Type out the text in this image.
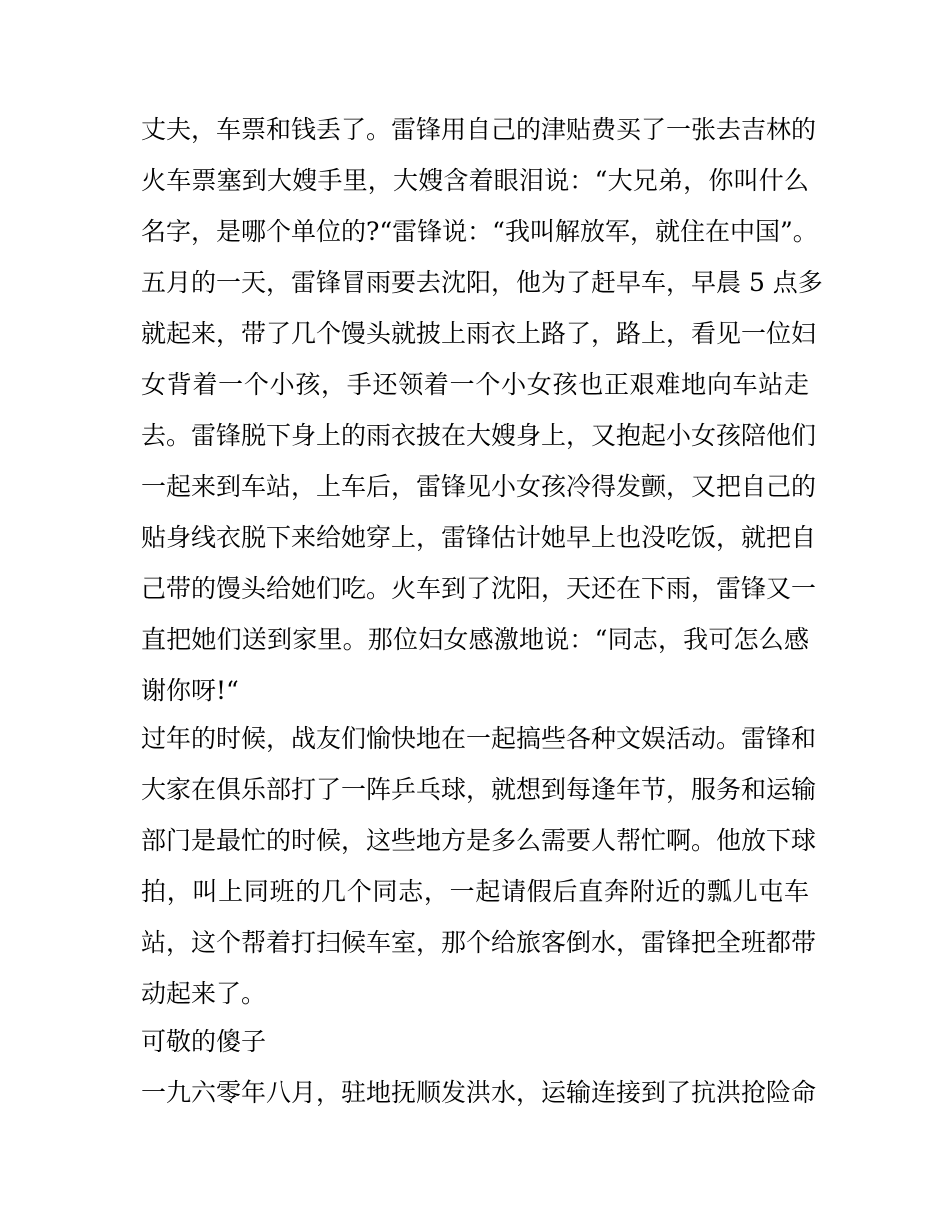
丈夫，车票和钱丢了。雷锋用自己的津贴费买了一张去吉林的
火车票塞到大嫂手里，大嫂含着眼泪说：“大兄弟，你叫什么
名字，是哪个单位的?“雷锋说：“我叫解放军，就住在中国”。
五月的一天，雷锋冒雨要去沈阳，他为了赶早车，早晨 5 点多
就起来，带了几个馒头就披上雨衣上路了，路上，看见一位妇
女背着一个小孩，手还领着一个小女孩也正艰难地向车站走
去。雷锋脱下身上的雨衣披在大嫂身上，又抱起小女孩陪他们
一起来到车站，上车后，雷锋见小女孩冷得发颤，又把自己的
贴身线衣脱下来给她穿上，雷锋估计她早上也没吃饭，就把自
己带的馒头给她们吃。火车到了沈阳，天还在下雨，雷锋又一
直把她们送到家里。那位妇女感激地说：“同志，我可怎么感
谢你呀!“
过年的时候，战友们愉快地在一起搞些各种文娱活动。雷锋和
大家在俱乐部打了一阵乒乓球，就想到每逢年节，服务和运输
部门是最忙的时候，这些地方是多么需要人帮忙啊。他放下球
拍，叫上同班的几个同志，一起请假后直奔附近的瓢儿屯车
站，这个帮着打扫候车室，那个给旅客倒水，雷锋把全班都带
动起来了。
可敬的傻子
一九六零年八月，驻地抚顺发洪水，运输连接到了抗洪抢险命
